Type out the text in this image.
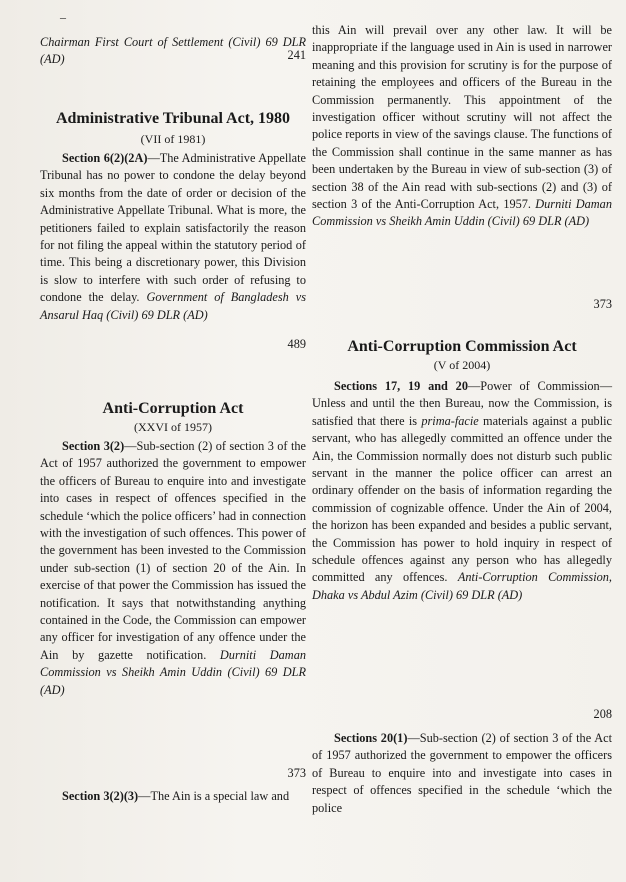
–

Chairman First Court of Settlement (Civil) 69 DLR (AD)	241

Administrative Tribunal Act, 1980

(VII of 1981)

Section 6(2)(2A)—The Administrative Appellate Tribunal has no power to condone the delay beyond six months from the date of order or decision of the Administrative Appellate Tribunal. What is more, the petitioners failed to explain satisfactorily the reason for not filing the appeal within the statutory period of time. This being a discretionary power, this Division is slow to interfere with such order of refusing to condone the delay. Government of Bangladesh vs Ansarul Haq (Civil) 69 DLR (AD)

489

Anti-Corruption Act

(XXVI of 1957)

Section 3(2)—Sub-section (2) of section 3 of the Act of 1957 authorized the government to empower the officers of Bureau to enquire into and investigate into cases in respect of offences specified in the schedule ‘which the police officers’ had in connection with the investigation of such offences. This power of the government has been invested to the Commission under sub-section (1) of section 20 of the Ain. In exercise of that power the Commission has issued the notification. It says that notwithstanding anything contained in the Code, the Commission can empower any officer for investigation of any offence under the Ain by gazette notification. Durniti Daman Commission vs Sheikh Amin Uddin (Civil) 69 DLR (AD)

373

Section 3(2)(3)—The Ain is a special law and

this Ain will prevail over any other law. It will be inappropriate if the language used in Ain is used in narrower meaning and this provision for scrutiny is for the purpose of retaining the employees and officers of the Bureau in the Commission permanently. This appointment of the investigation officer without scrutiny will not affect the police reports in view of the savings clause. The functions of the Commission shall continue in the same manner as has been undertaken by the Bureau in view of sub-section (3) of section 38 of the Ain read with sub-sections (2) and (3) of section 3 of the Anti-Corruption Act, 1957. Durniti Daman Commission vs Sheikh Amin Uddin (Civil) 69 DLR (AD)

373

Anti-Corruption Commission Act

(V of 2004)

Sections 17, 19 and 20—Power of Commission—Unless and until the then Bureau, now the Commission, is satisfied that there is prima-facie materials against a public servant, who has allegedly committed an offence under the Ain, the Commission normally does not disturb such public servant in the manner the police officer can arrest an ordinary offender on the basis of information regarding the commission of cognizable offence. Under the Ain of 2004, the horizon has been expanded and besides a public servant, the Commission has power to hold inquiry in respect of schedule offences against any person who has allegedly committed any offences. Anti-Corruption Commission, Dhaka vs Abdul Azim (Civil) 69 DLR (AD)

208

Sections 20(1)—Sub-section (2) of section 3 of the Act of 1957 authorized the government to empower the officers of Bureau to enquire into and investigate into cases in respect of offences specified in the schedule ‘which the police
